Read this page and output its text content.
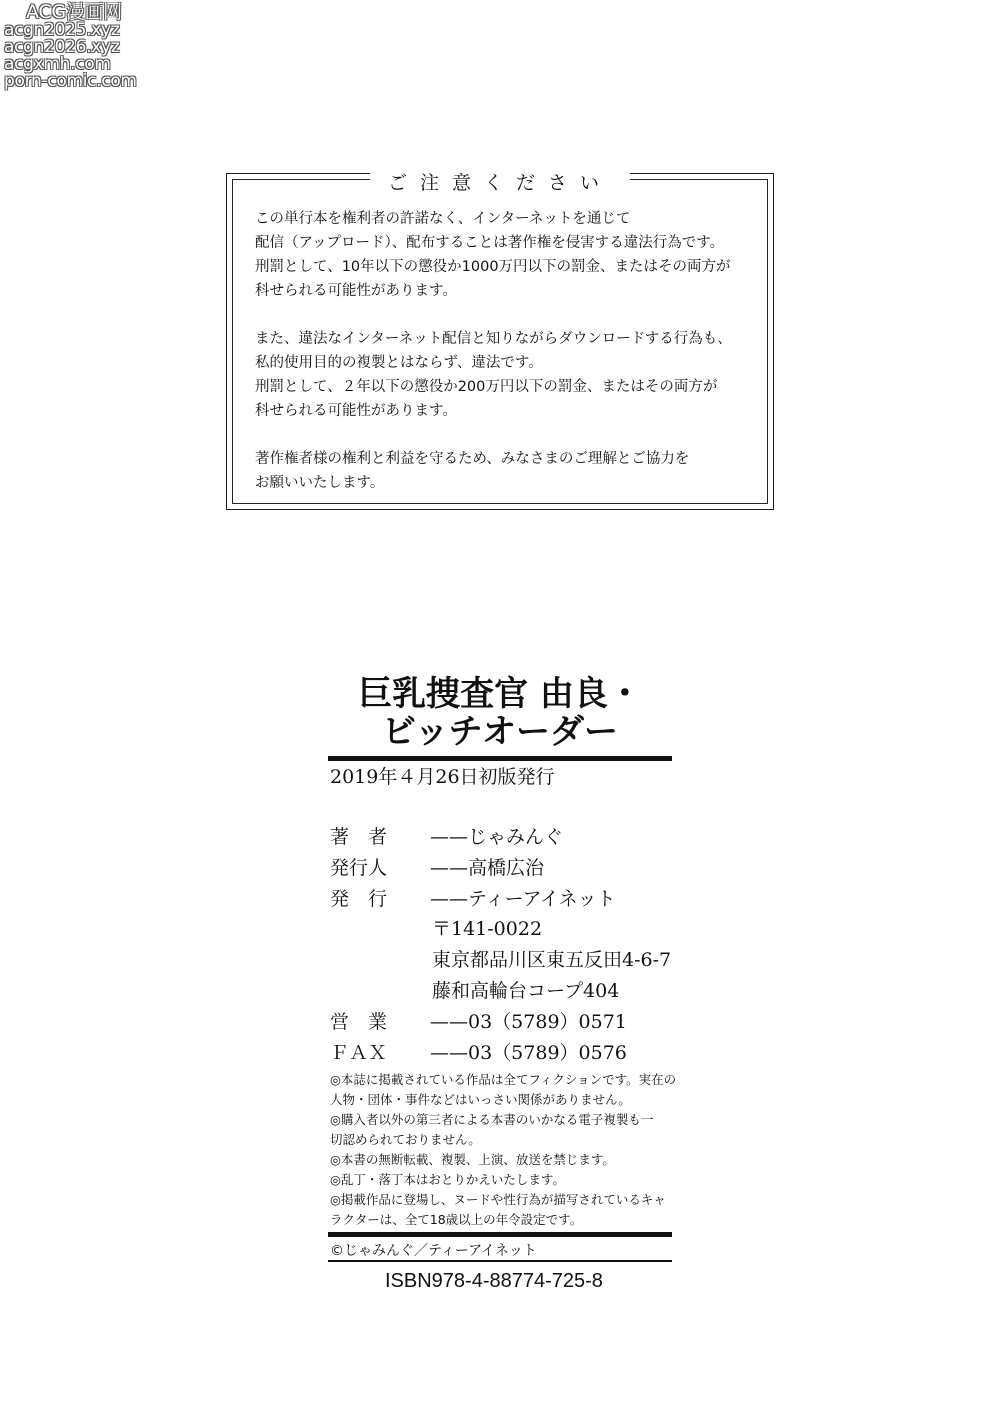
ACG漫画网
acgn2025.xyz
acgn2026.xyz
acgxmh.com
porn-comic.com
ご注意ください

この単行本を権利者の許諾なく、インターネットを通じて
配信（アップロード）、配布することは著作権を侵害する違法行為です。
刑罰として、10年以下の懲役か1000万円以下の罰金、またはその両方が
科せられる可能性があります。

また、違法なインターネット配信と知りながらダウンロードする行為も、
私的使用目的の複製とはならず、違法です。
刑罰として、２年以下の懲役か200万円以下の罰金、またはその両方が
科せられる可能性があります。

著作権者様の権利と利益を守るため、みなさまのご理解とご協力を
お願いいたします。

巨乳捜査官 由良・
ビッチオーダー
2019年４月26日初版発行
著者	——じゃみんぐ
発行人	——高橋広治
発行	——ティーアイネット
〒141-0022
東京都品川区東五反田4-6-7
藤和高輪台コープ404
営業	——03（5789）0571
ＦＡＸ	——03（5789）0576
◎本誌に掲載されている作品は全てフィクションです。実在の
人物・団体・事件などはいっさい関係がありません。
◎購入者以外の第三者による本書のいかなる電子複製も一
切認められておりません。
◎本書の無断転載、複製、上演、放送を禁じます。
◎乱丁・落丁本はおとりかえいたします。
◎掲載作品に登場し、ヌードや性行為が描写されているキャ
ラクターは、全て18歳以上の年令設定です。
©じゃみんぐ／ティーアイネット
ISBN978-4-88774-725-8
